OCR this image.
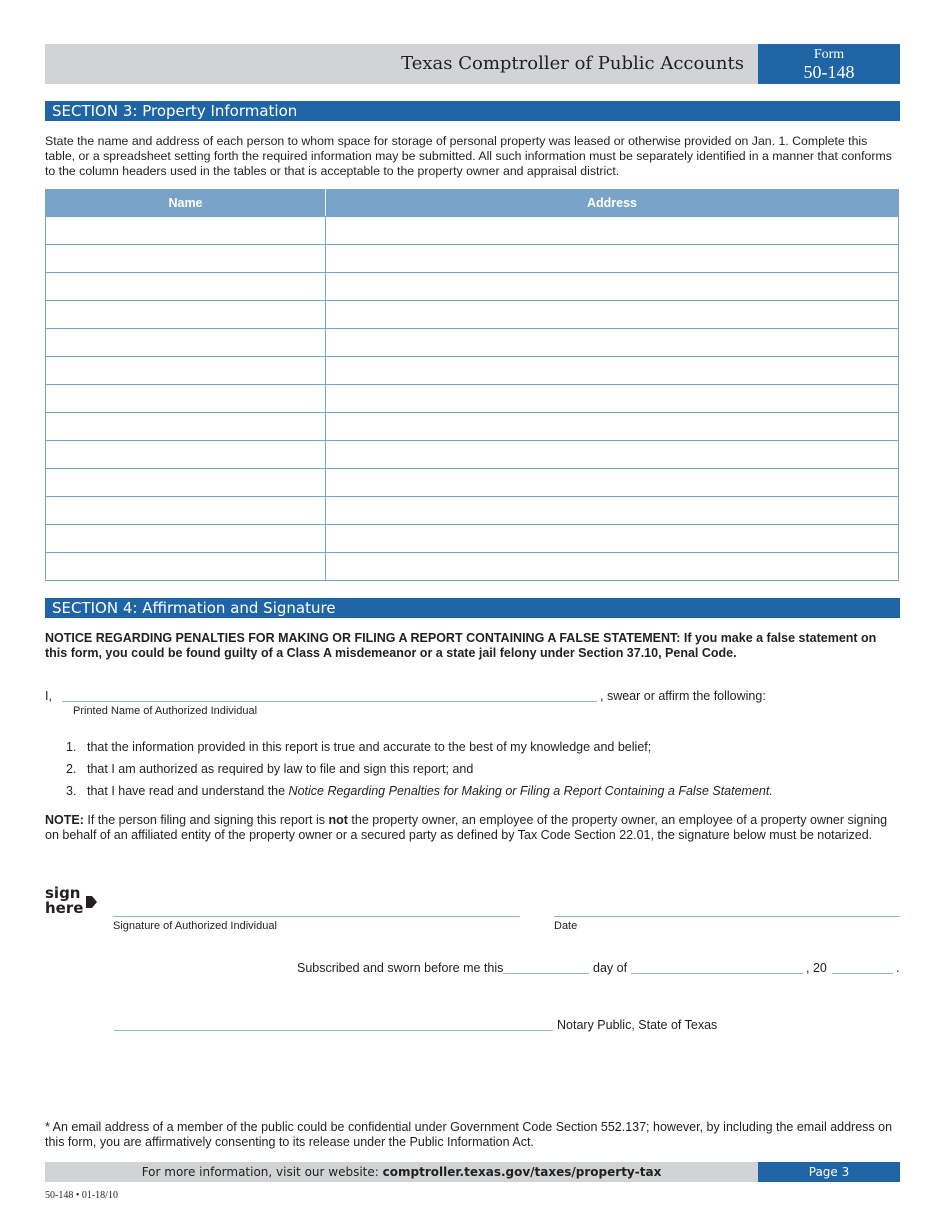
Texas Comptroller of Public Accounts	Form
50-148
SECTION 3: Property Information
State the name and address of each person to whom space for storage of personal property was leased or otherwise provided on Jan. 1. Complete this table, or a spreadsheet setting forth the required information may be submitted. All such information must be separately identified in a manner that conforms to the column headers used in the tables or that is acceptable to the property owner and appraisal district.
Name	Address

SECTION 4: Affirmation and Signature
NOTICE REGARDING PENALTIES FOR MAKING OR FILING A REPORT CONTAINING A FALSE STATEMENT: If you make a false statement on this form, you could be found guilty of a Class A misdemeanor or a state jail felony under Section 37.10, Penal Code.
I,	, swear or affirm the following:
Printed Name of Authorized Individual
1. that the information provided in this report is true and accurate to the best of my knowledge and belief;
2. that I am authorized as required by law to file and sign this report; and
3. that I have read and understand the Notice Regarding Penalties for Making or Filing a Report Containing a False Statement.
NOTE: If the person filing and signing this report is not the property owner, an employee of the property owner, an employee of a property owner signing on behalf of an affiliated entity of the property owner or a secured party as defined by Tax Code Section 22.01, the signature below must be notarized.
sign
here
Signature of Authorized Individual	Date
Subscribed and sworn before me this	day of	, 20	.
Notary Public, State of Texas
* An email address of a member of the public could be confidential under Government Code Section 552.137; however, by including the email address on this form, you are affirmatively consenting to its release under the Public Information Act.
For more information, visit our website: comptroller.texas.gov/taxes/property-tax	Page 3
50-148 • 01-18/10
